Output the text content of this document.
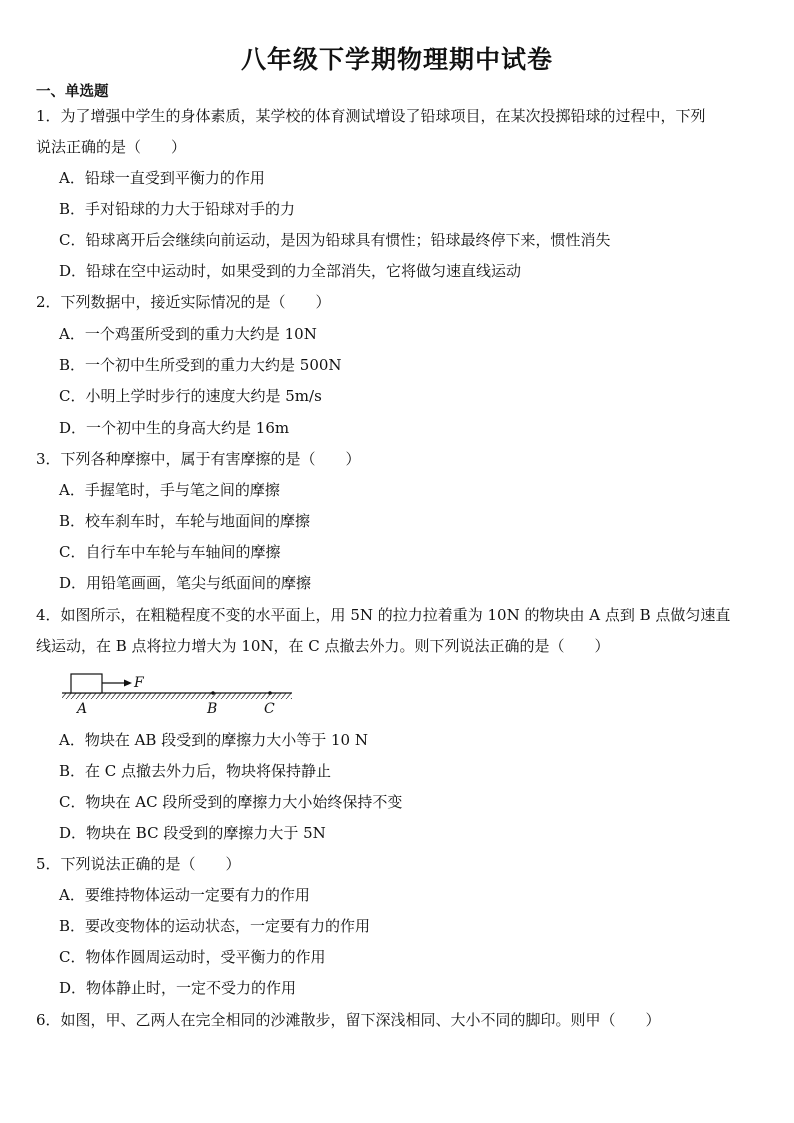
八年级下学期物理期中试卷
一、单选题
1．为了增强中学生的身体素质，某学校的体育测试增设了铅球项目，在某次投掷铅球的过程中，下列
说法正确的是（　　）
A．铅球一直受到平衡力的作用
B．手对铅球的力大于铅球对手的力
C．铅球离开后会继续向前运动，是因为铅球具有惯性；铅球最终停下来，惯性消失
D．铅球在空中运动时，如果受到的力全部消失，它将做匀速直线运动
2．下列数据中，接近实际情况的是（　　）
A．一个鸡蛋所受到的重力大约是 10N
B．一个初中生所受到的重力大约是 500N
C．小明上学时步行的速度大约是 5m/s
D．一个初中生的身高大约是 16m
3．下列各种摩擦中，属于有害摩擦的是（　　）
A．手握笔时，手与笔之间的摩擦
B．校车刹车时，车轮与地面间的摩擦
C．自行车中车轮与车轴间的摩擦
D．用铅笔画画，笔尖与纸面间的摩擦
4．如图所示，在粗糙程度不变的水平面上，用 5N 的拉力拉着重为 10N 的物块由 A 点到 B 点做匀速直
线运动，在 B 点将拉力增大为 10N，在 C 点撤去外力。则下列说法正确的是（　　）
F
A	B	C
A．物块在 AB 段受到的摩擦力大小等于 10 N
B．在 C 点撤去外力后，物块将保持静止
C．物块在 AC 段所受到的摩擦力大小始终保持不变
D．物块在 BC 段受到的摩擦力大于 5N
5．下列说法正确的是（　　）
A．要维持物体运动一定要有力的作用
B．要改变物体的运动状态，一定要有力的作用
C．物体作圆周运动时，受平衡力的作用
D．物体静止时，一定不受力的作用
6．如图，甲、乙两人在完全相同的沙滩散步，留下深浅相同、大小不同的脚印。则甲（　　）
